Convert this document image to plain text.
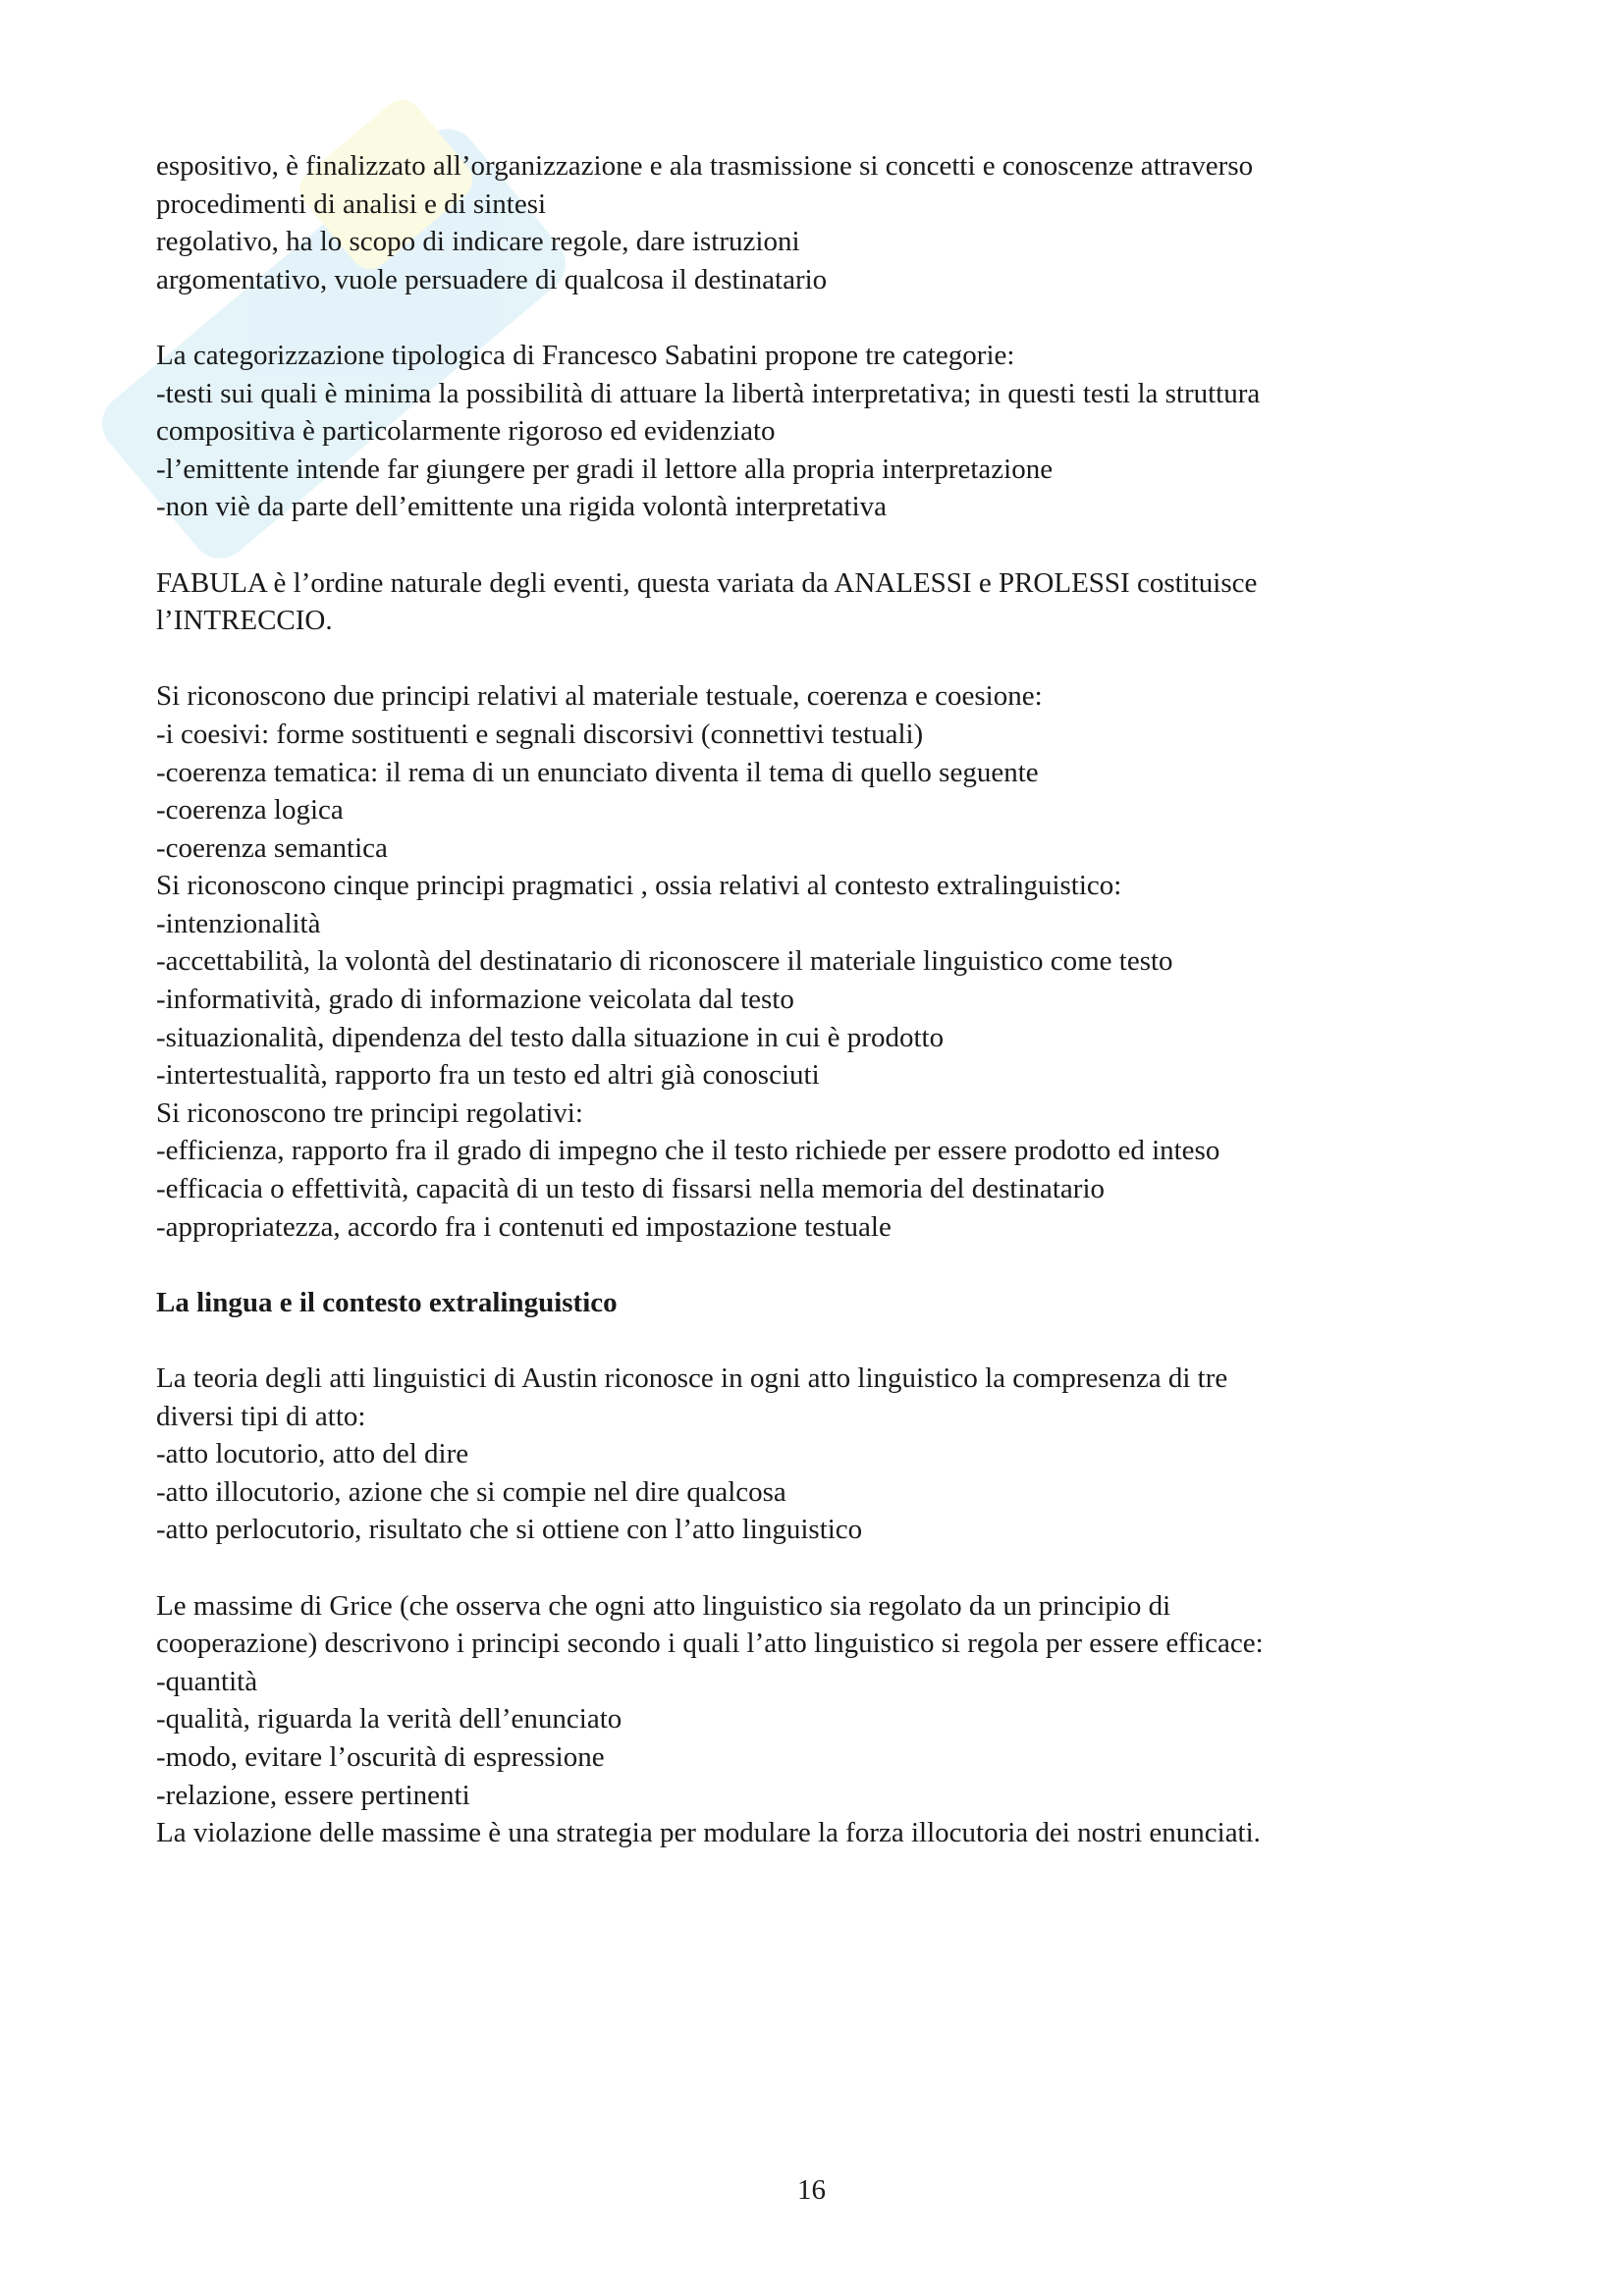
espositivo, è finalizzato all’organizzazione e ala trasmissione si concetti e conoscenze attraverso

procedimenti di analisi e di sintesi

regolativo, ha lo scopo di indicare regole, dare istruzioni

argomentativo, vuole persuadere di qualcosa il destinatario

La categorizzazione tipologica di Francesco Sabatini propone tre categorie:

-testi sui quali è minima la possibilità di attuare la libertà interpretativa; in questi testi la struttura

compositiva è particolarmente rigoroso ed evidenziato

-l’emittente intende far giungere per gradi il lettore alla propria interpretazione

-non viè da parte dell’emittente una rigida volontà interpretativa

FABULA è l’ordine naturale degli eventi, questa variata da ANALESSI e PROLESSI costituisce

l’INTRECCIO.

Si riconoscono due principi relativi al materiale testuale, coerenza e coesione:

-i coesivi: forme sostituenti e segnali discorsivi (connettivi testuali)

-coerenza tematica: il rema di un enunciato diventa il tema di quello seguente

-coerenza logica

-coerenza semantica

Si riconoscono cinque principi pragmatici , ossia relativi al contesto extralinguistico:

-intenzionalità

-accettabilità, la volontà del destinatario di riconoscere il materiale linguistico come testo

-informatività, grado di informazione veicolata dal testo

-situazionalità, dipendenza del testo dalla situazione in cui è prodotto

-intertestualità, rapporto fra un testo ed altri già conosciuti

Si riconoscono tre principi regolativi:

-efficienza, rapporto fra il grado di impegno che il testo richiede per essere prodotto ed inteso

-efficacia o effettività, capacità di un testo di fissarsi nella memoria del destinatario

-appropriatezza, accordo fra i contenuti ed impostazione testuale

La lingua e il contesto extralinguistico

La teoria degli atti linguistici di Austin riconosce in ogni atto linguistico la compresenza di tre

diversi tipi di atto:

-atto locutorio, atto del dire

-atto illocutorio, azione che si compie nel dire qualcosa

-atto perlocutorio, risultato che si ottiene con l’atto linguistico

Le massime di Grice (che osserva che ogni atto linguistico sia regolato da un principio di

cooperazione) descrivono i principi secondo i quali l’atto linguistico si regola per essere efficace:

-quantità

-qualità, riguarda la verità dell’enunciato

-modo, evitare l’oscurità di espressione

-relazione, essere pertinenti

La violazione delle massime è una strategia per modulare la forza illocutoria dei nostri enunciati.

16
